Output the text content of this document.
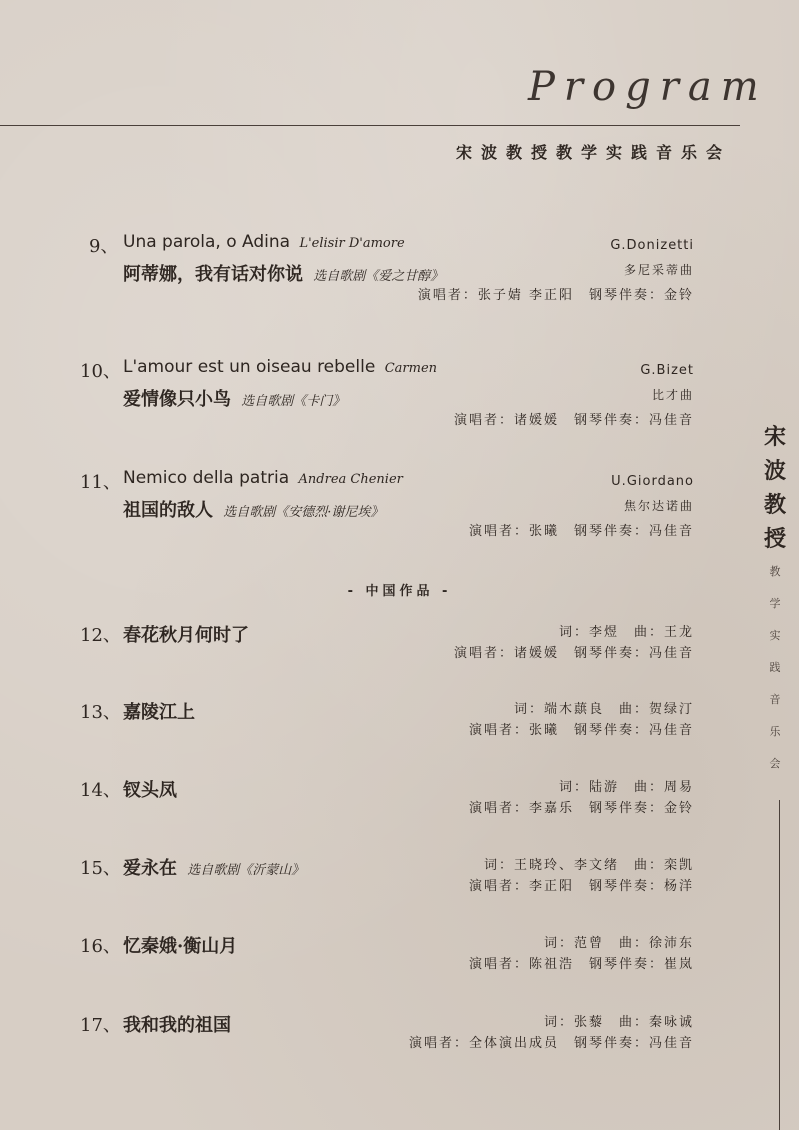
Program
宋波教授教学实践音乐会
9、 Una parola, o Adina L'elisir D'amore	G.Donizetti
阿蒂娜，我有话对你说 选自歌剧《爱之甘醇》	多尼采蒂曲
演唱者：张子婧 李正阳　钢琴伴奏：金铃
10、 L'amour est un oiseau rebelle Carmen	G.Bizet
爱情像只小鸟 选自歌剧《卡门》	比才曲
演唱者：诸媛媛　钢琴伴奏：冯佳音
11、 Nemico della patria Andrea Chenier	U.Giordano
祖国的敌人 选自歌剧《安德烈·谢尼埃》	焦尔达诺曲
演唱者：张曦　钢琴伴奏：冯佳音
- 中国作品 -
12、 春花秋月何时了	词：李煜　曲：王龙
演唱者：诸媛媛　钢琴伴奏：冯佳音
13、 嘉陵江上	词：端木蕻良　曲：贺绿汀
演唱者：张曦　钢琴伴奏：冯佳音
14、 钗头凤	词：陆游　曲：周易
演唱者：李嘉乐　钢琴伴奏：金铃
15、 爱永在 选自歌剧《沂蒙山》	词：王晓玲、李文绪　曲：栾凯
演唱者：李正阳　钢琴伴奏：杨洋
16、 忆秦娥·衡山月	词：范曾　曲：徐沛东
演唱者：陈祖浩　钢琴伴奏：崔岚
17、 我和我的祖国	词：张藜　曲：秦咏诚
演唱者：全体演出成员　钢琴伴奏：冯佳音
宋
波
教
授
教
学
实
践
音
乐
会
